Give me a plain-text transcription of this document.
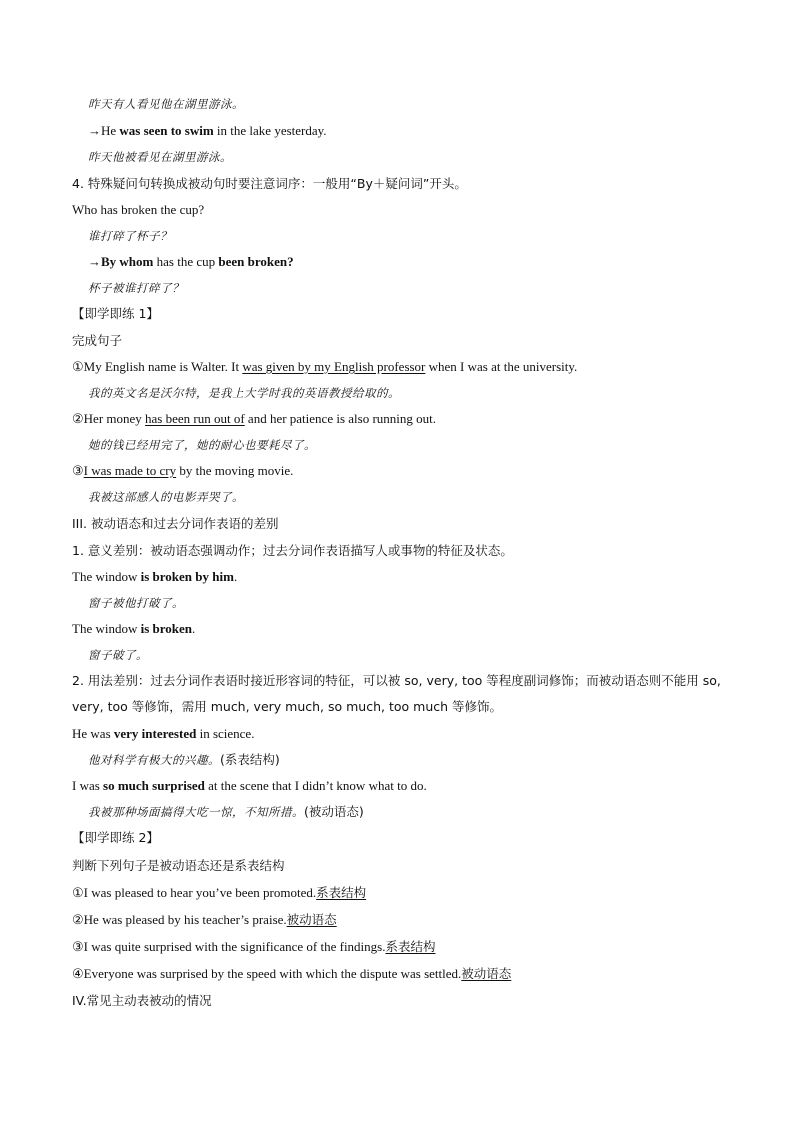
昨天有人看见他在湖里游泳。
→He was seen to swim in the lake yesterday.
昨天他被看见在湖里游泳。
4. 特殊疑问句转换成被动句时要注意词序：一般用“By＋疑问词”开头。
Who has broken the cup?
谁打碎了杯子？
→By whom has the cup been broken?
杯子被谁打碎了？
【即学即练 1】
完成句子
①My English name is Walter. It was given by my English professor when I was at the university.
我的英文名是沃尔特，是我上大学时我的英语教授给取的。
②Her money has been run out of and her patience is also running out.
她的钱已经用完了，她的耐心也要耗尽了。
③I was made to cry by the moving movie.
我被这部感人的电影弄哭了。
III. 被动语态和过去分词作表语的差别
1. 意义差别：被动语态强调动作；过去分词作表语描写人或事物的特征及状态。
The window is broken by him.
窗子被他打破了。
The window is broken.
窗子破了。
2. 用法差别：过去分词作表语时接近形容词的特征，可以被 so, very, too 等程度副词修饰；而被动语态则不能用 so, very, too 等修饰，需用 much, very much, so much, too much 等修饰。
He was very interested in science.
他对科学有极大的兴趣。(系表结构)
I was so much surprised at the scene that I didn’t know what to do.
我被那种场面搞得大吃一惊，不知所措。(被动语态)
【即学即练 2】
判断下列句子是被动语态还是系表结构
①I was pleased to hear you’ve been promoted.系表结构
②He was pleased by his teacher’s praise.被动语态
③I was quite surprised with the significance of the findings.系表结构
④Everyone was surprised by the speed with which the dispute was settled.被动语态
IV.常见主动表被动的情况
